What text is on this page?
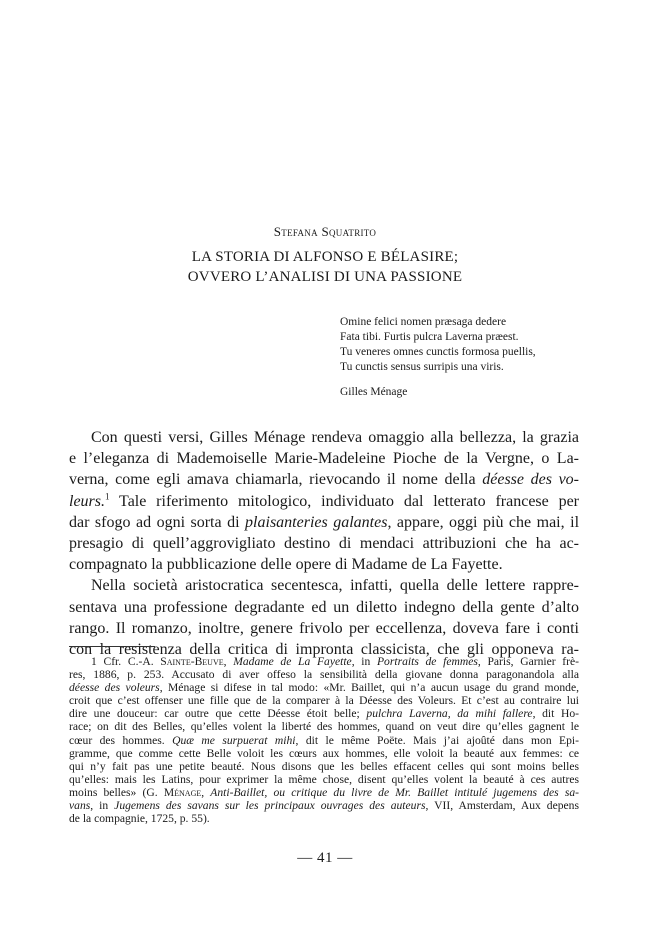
Stefana Squatrito
LA STORIA DI ALFONSO E BÉLASIRE;
OVVERO L’ANALISI DI UNA PASSIONE
Omine felici nomen præsaga dedere
Fata tibi. Furtis pulcra Laverna præest.
Tu veneres omnes cunctis formosa puellis,
Tu cunctis sensus surripis una viris.
Gilles Ménage
Con questi versi, Gilles Ménage rendeva omaggio alla bellezza, la grazia
e l’eleganza di Mademoiselle Marie-Madeleine Pioche de la Vergne, o La-
verna, come egli amava chiamarla, rievocando il nome della déesse des vo-
leurs.$^1$ Tale riferimento mitologico, individuato dal letterato francese per
dar sfogo ad ogni sorta di plaisanteries galantes, appare, oggi più che mai, il
presagio di quell’aggrovigliato destino di mendaci attribuzioni che ha ac-
compagnato la pubblicazione delle opere di Madame de La Fayette.
Nella società aristocratica secentesca, infatti, quella delle lettere rappre-
sentava una professione degradante ed un diletto indegno della gente d’alto
rango. Il romanzo, inoltre, genere frivolo per eccellenza, doveva fare i conti
con la resistenza della critica di impronta classicista, che gli opponeva ra-
1 Cfr. C.-A. Sainte-Beuve, Madame de La Fayette, in Portraits de femmes, Paris, Garnier frè-
res, 1886, p. 253. Accusato di aver offeso la sensibilità della giovane donna paragonandola alla
déesse des voleurs, Ménage si difese in tal modo: «Mr. Baillet, qui n’a aucun usage du grand monde,
croit que c’est offenser une fille que de la comparer à la Déesse des Voleurs. Et c’est au contraire lui
dire une douceur: car outre que cette Déesse étoit belle; pulchra Laverna, da mihi fallere, dit Ho-
race; on dit des Belles, qu’elles volent la liberté des hommes, quand on veut dire qu’elles gagnent le
cœur des hommes. Quæ me surpuerat mihi, dit le même Poëte. Mais j’ai ajoûté dans mon Epi-
gramme, que comme cette Belle voloit les cœurs aux hommes, elle voloit la beauté aux femmes: ce
qui n’y fait pas une petite beauté. Nous disons que les belles effacent celles qui sont moins belles
qu’elles: mais les Latins, pour exprimer la même chose, disent qu’elles volent la beauté à ces autres
moins belles» (G. Ménage, Anti-Baillet, ou critique du livre de Mr. Baillet intitulé jugemens des sa-
vans, in Jugemens des savans sur les principaux ouvrages des auteurs, VII, Amsterdam, Aux depens
de la compagnie, 1725, p. 55).
— 41 —
